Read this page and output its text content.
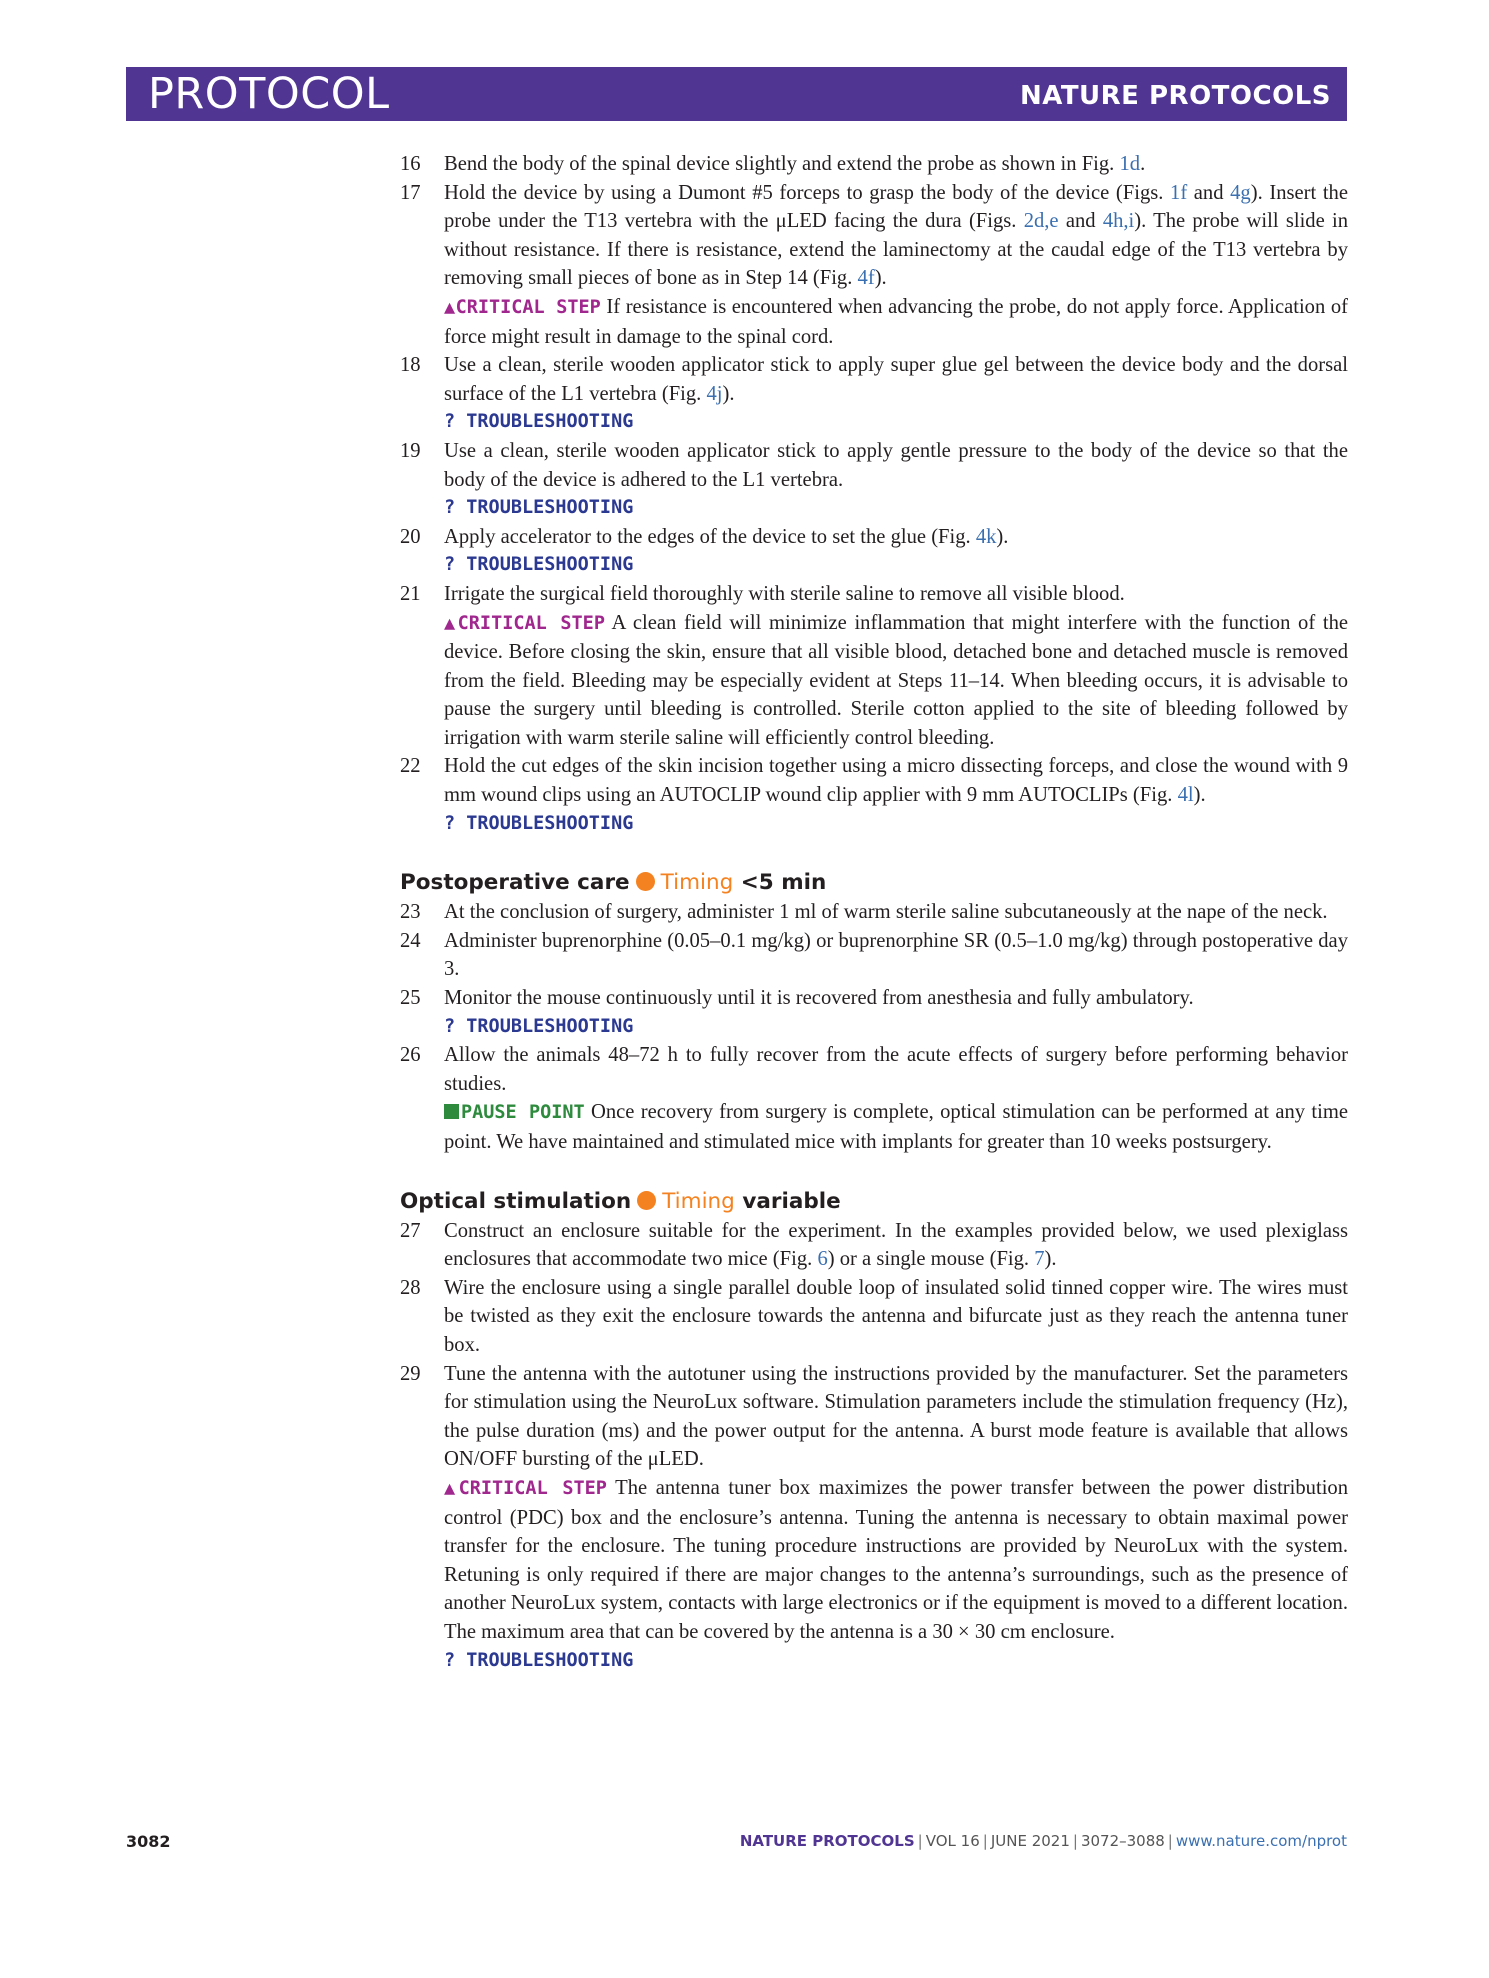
PROTOCOL	NATURE PROTOCOLS
16 Bend the body of the spinal device slightly and extend the probe as shown in Fig. 1d.
17 Hold the device by using a Dumont #5 forceps to grasp the body of the device (Figs. 1f and 4g). Insert the probe under the T13 vertebra with the μLED facing the dura (Figs. 2d,e and 4h,i). The probe will slide in without resistance. If there is resistance, extend the laminectomy at the caudal edge of the T13 vertebra by removing small pieces of bone as in Step 14 (Fig. 4f).
▲CRITICAL STEP If resistance is encountered when advancing the probe, do not apply force. Application of force might result in damage to the spinal cord.
18 Use a clean, sterile wooden applicator stick to apply super glue gel between the device body and the dorsal surface of the L1 vertebra (Fig. 4j).
? TROUBLESHOOTING
19 Use a clean, sterile wooden applicator stick to apply gentle pressure to the body of the device so that the body of the device is adhered to the L1 vertebra.
? TROUBLESHOOTING
20 Apply accelerator to the edges of the device to set the glue (Fig. 4k).
? TROUBLESHOOTING
21 Irrigate the surgical field thoroughly with sterile saline to remove all visible blood.
▲CRITICAL STEP A clean field will minimize inflammation that might interfere with the function of the device. Before closing the skin, ensure that all visible blood, detached bone and detached muscle is removed from the field. Bleeding may be especially evident at Steps 11–14. When bleeding occurs, it is advisable to pause the surgery until bleeding is controlled. Sterile cotton applied to the site of bleeding followed by irrigation with warm sterile saline will efficiently control bleeding.
22 Hold the cut edges of the skin incision together using a micro dissecting forceps, and close the wound with 9 mm wound clips using an AUTOCLIP wound clip applier with 9 mm AUTOCLIPs (Fig. 4l).
? TROUBLESHOOTING
Postoperative care Timing <5 min
23 At the conclusion of surgery, administer 1 ml of warm sterile saline subcutaneously at the nape of the neck.
24 Administer buprenorphine (0.05–0.1 mg/kg) or buprenorphine SR (0.5–1.0 mg/kg) through postoperative day 3.
25 Monitor the mouse continuously until it is recovered from anesthesia and fully ambulatory.
? TROUBLESHOOTING
26 Allow the animals 48–72 h to fully recover from the acute effects of surgery before performing behavior studies.
PAUSE POINT Once recovery from surgery is complete, optical stimulation can be performed at any time point. We have maintained and stimulated mice with implants for greater than 10 weeks postsurgery.
Optical stimulation Timing variable
27 Construct an enclosure suitable for the experiment. In the examples provided below, we used plexiglass enclosures that accommodate two mice (Fig. 6) or a single mouse (Fig. 7).
28 Wire the enclosure using a single parallel double loop of insulated solid tinned copper wire. The wires must be twisted as they exit the enclosure towards the antenna and bifurcate just as they reach the antenna tuner box.
29 Tune the antenna with the autotuner using the instructions provided by the manufacturer. Set the parameters for stimulation using the NeuroLux software. Stimulation parameters include the stimulation frequency (Hz), the pulse duration (ms) and the power output for the antenna. A burst mode feature is available that allows ON/OFF bursting of the μLED.
▲CRITICAL STEP The antenna tuner box maximizes the power transfer between the power distribution control (PDC) box and the enclosure’s antenna. Tuning the antenna is necessary to obtain maximal power transfer for the enclosure. The tuning procedure instructions are provided by NeuroLux with the system. Retuning is only required if there are major changes to the antenna’s surroundings, such as the presence of another NeuroLux system, contacts with large electronics or if the equipment is moved to a different location. The maximum area that can be covered by the antenna is a 30 × 30 cm enclosure.
? TROUBLESHOOTING
3082	NATURE PROTOCOLS | VOL 16 | JUNE 2021 | 3072–3088 | www.nature.com/nprot
